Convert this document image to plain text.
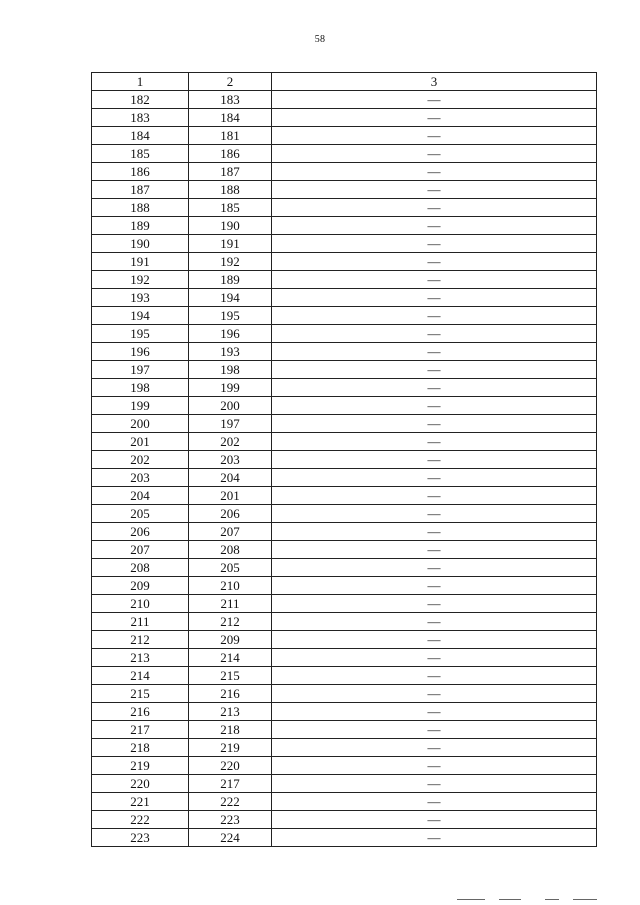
58
1	2	3
182	183	—
183	184	—
184	181	—
185	186	—
186	187	—
187	188	—
188	185	—
189	190	—
190	191	—
191	192	—
192	189	—
193	194	—
194	195	—
195	196	—
196	193	—
197	198	—
198	199	—
199	200	—
200	197	—
201	202	—
202	203	—
203	204	—
204	201	—
205	206	—
206	207	—
207	208	—
208	205	—
209	210	—
210	211	—
211	212	—
212	209	—
213	214	—
214	215	—
215	216	—
216	213	—
217	218	—
218	219	—
219	220	—
220	217	—
221	222	—
222	223	—
223	224	—
